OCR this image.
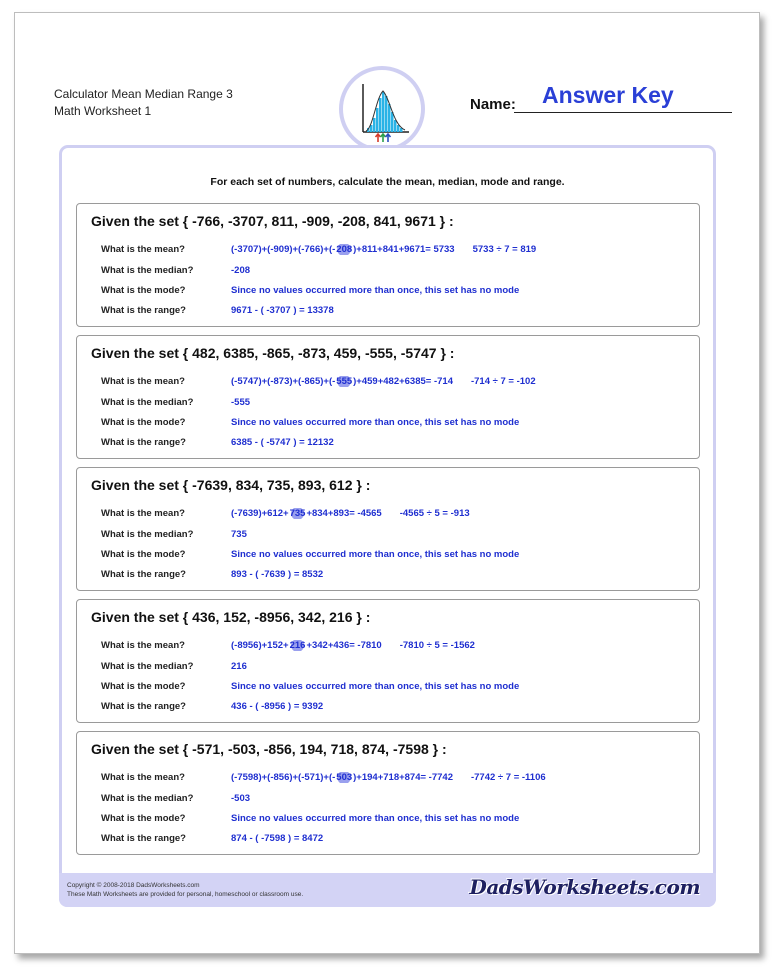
Calculator Mean Median Range 3
Math Worksheet 1	Name: Answer Key
For each set of numbers, calculate the mean, median, mode and range.
Given the set { -766, -3707, 811, -909, -208, 841, 9671 } :
What is the mean?	(-3707)+(-909)+(-766)+(-208)+811+841+9671= 5733 5733 ÷ 7 = 819
What is the median?	-208
What is the mode?	Since no values occurred more than once, this set has no mode
What is the range?	9671 - ( -3707 ) = 13378
Given the set { 482, 6385, -865, -873, 459, -555, -5747 } :
What is the mean?	(-5747)+(-873)+(-865)+(-555)+459+482+6385= -714 -714 ÷ 7 = -102
What is the median?	-555
What is the mode?	Since no values occurred more than once, this set has no mode
What is the range?	6385 - ( -5747 ) = 12132
Given the set { -7639, 834, 735, 893, 612 } :
What is the mean?	(-7639)+612+735+834+893= -4565 -4565 ÷ 5 = -913
What is the median?	735
What is the mode?	Since no values occurred more than once, this set has no mode
What is the range?	893 - ( -7639 ) = 8532
Given the set { 436, 152, -8956, 342, 216 } :
What is the mean?	(-8956)+152+216+342+436= -7810 -7810 ÷ 5 = -1562
What is the median?	216
What is the mode?	Since no values occurred more than once, this set has no mode
What is the range?	436 - ( -8956 ) = 9392
Given the set { -571, -503, -856, 194, 718, 874, -7598 } :
What is the mean?	(-7598)+(-856)+(-571)+(-503)+194+718+874= -7742 -7742 ÷ 7 = -1106
What is the median?	-503
What is the mode?	Since no values occurred more than once, this set has no mode
What is the range?	874 - ( -7598 ) = 8472
Copyright © 2008-2018 DadsWorksheets.com
These Math Worksheets are provided for personal, homeschool or classroom use.	DadsWorksheets.com
